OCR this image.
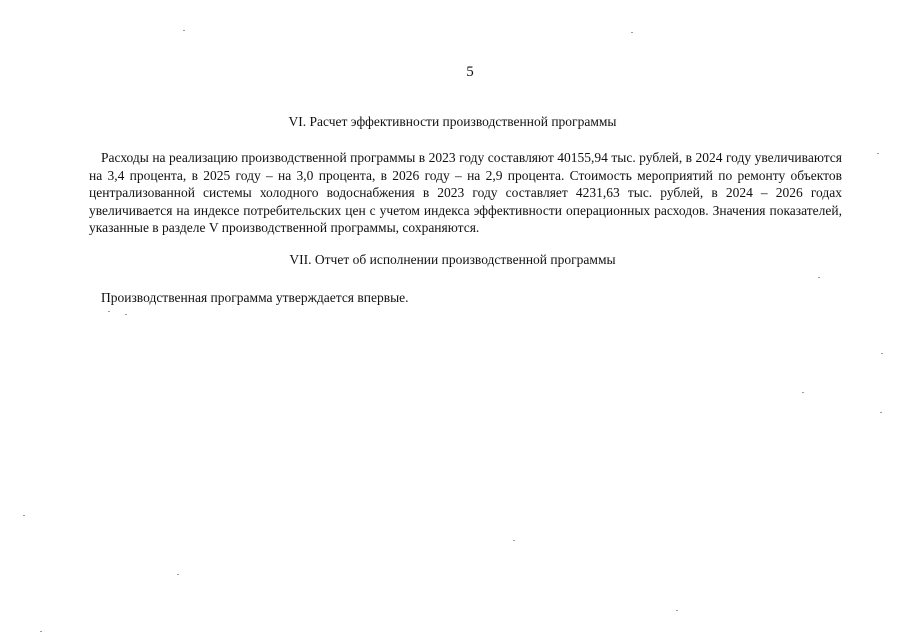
5
VI. Расчет эффективности производственной программы

Расходы на реализацию производственной программы в 2023 году составляют 40155,94 тыс. рублей, в 2024 году увеличиваются на 3,4 процента, в 2025 году – на 3,0 процента, в 2026 году – на 2,9 процента. Стоимость мероприятий по ремонту объектов централизованной системы холодного водоснабжения в 2023 году составляет 4231,63 тыс. рублей, в 2024 – 2026 годах увеличивается на индексе потребительских цен с учетом индекса эффективности операционных расходов. Значения показателей, указанные в разделе V производственной программы, сохраняются.

VII. Отчет об исполнении производственной программы

Производственная программа утверждается впервые.
